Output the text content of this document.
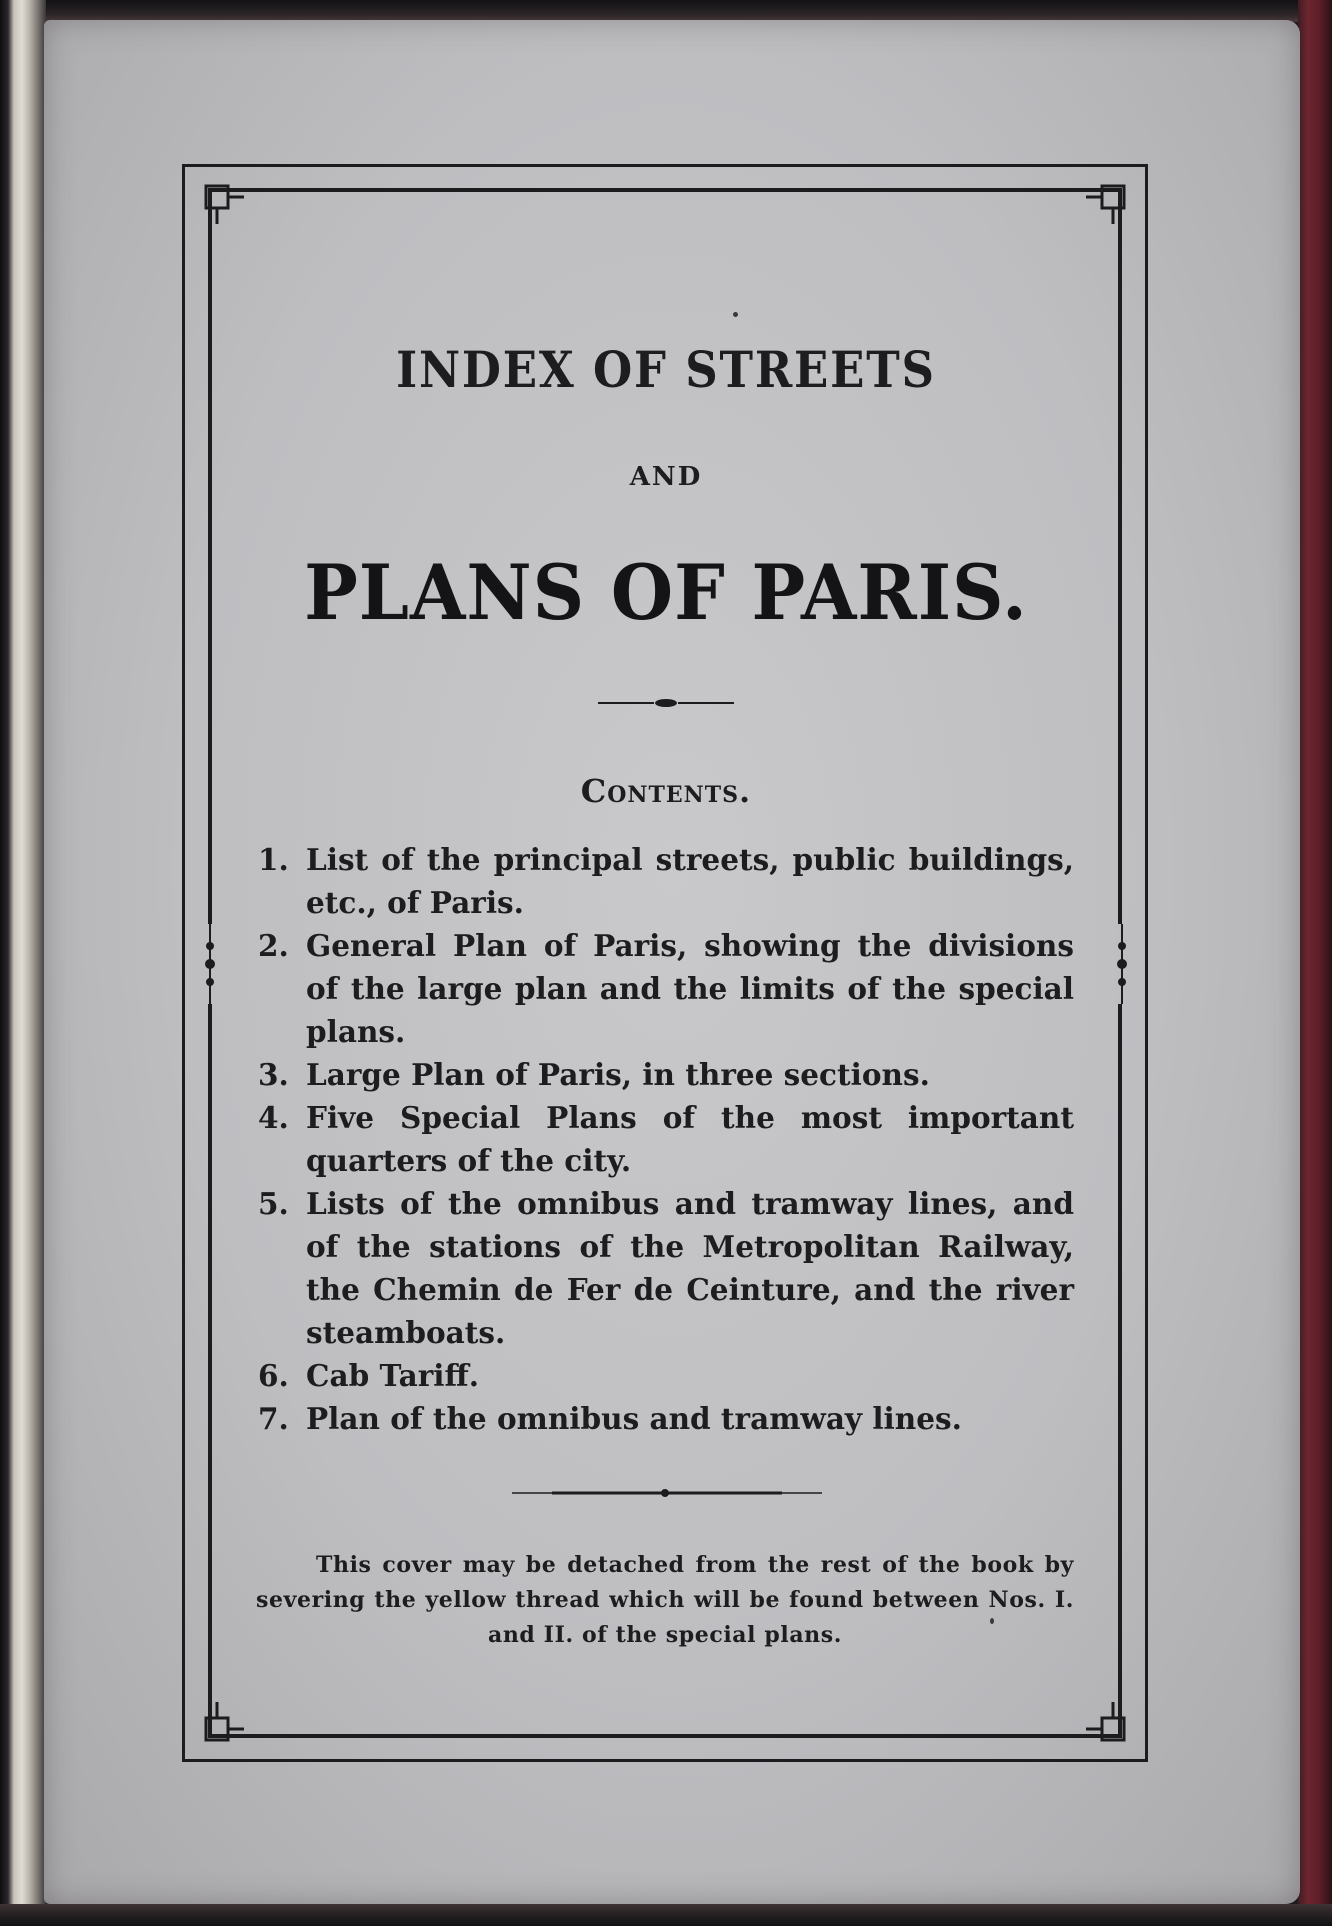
INDEX OF STREETS
AND
PLANS OF PARIS.
Contents.
1. List of the principal streets, public buildings, etc., of Paris.
2. General Plan of Paris, showing the divisions of the large plan and the limits of the special plans.
3. Large Plan of Paris, in three sections.
4. Five Special Plans of the most important quarters of the city.
5. Lists of the omnibus and tramway lines, and of the stations of the Metropolitan Railway, the Chemin de Fer de Ceinture, and the river steamboats.
6. Cab Tariff.
7. Plan of the omnibus and tramway lines.
This cover may be detached from the rest of the book by severing the yellow thread which will be found between Nos. I. and II. of the special plans.
